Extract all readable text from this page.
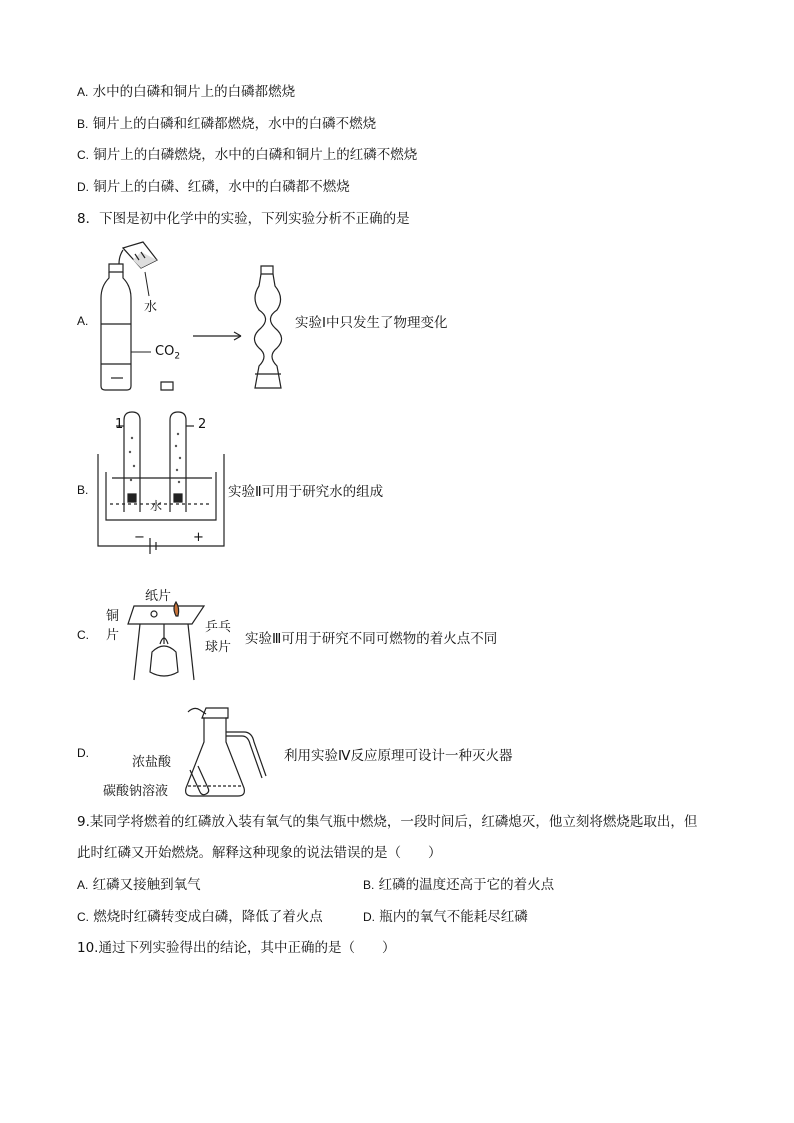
A. 水中的白磷和铜片上的白磷都燃烧
B. 铜片上的白磷和红磷都燃烧，水中的白磷不燃烧
C. 铜片上的白磷燃烧，水中的白磷和铜片上的红磷不燃烧
D. 铜片上的白磷、红磷，水中的白磷都不燃烧
8．下图是初中化学中的实验，下列实验分析不正确的是
A.
水
$CO_2$
实验Ⅰ中只发生了物理变化
B.
1	2
水
−	+
实验Ⅱ可用于研究水的组成
C.
纸片
铜
片
乒乓
球片
实验Ⅲ可用于研究不同可燃物的着火点不同
D.
浓盐酸
碳酸钠溶液
利用实验Ⅳ反应原理可设计一种灭火器
9.某同学将燃着的红磷放入装有氧气的集气瓶中燃烧，一段时间后，红磷熄灭，他立刻将燃烧匙取出，但
此时红磷又开始燃烧。解释这种现象的说法错误的是（　　）
A. 红磷又接触到氧气	B. 红磷的温度还高于它的着火点
C. 燃烧时红磷转变成白磷，降低了着火点	D. 瓶内的氧气不能耗尽红磷
10.通过下列实验得出的结论，其中正确的是（　　）
